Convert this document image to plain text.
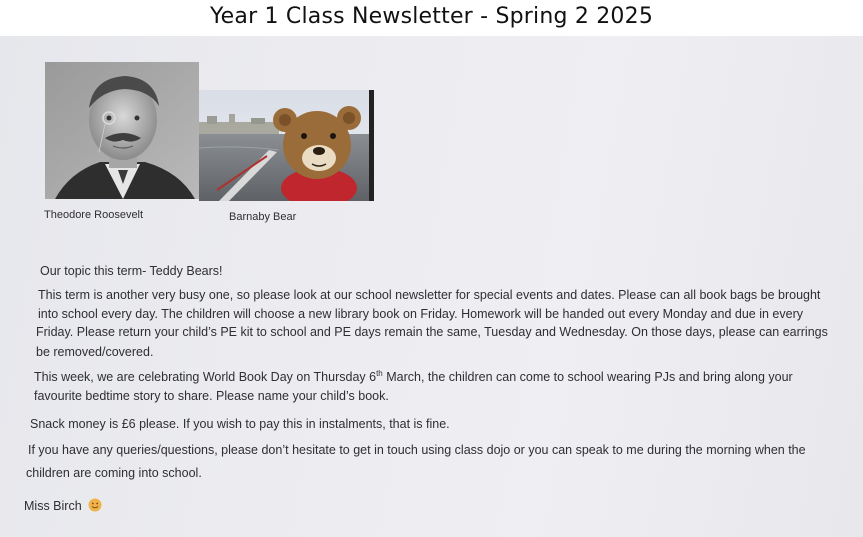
Year 1 Class Newsletter - Spring 2 2025
Theodore Roosevelt	Barnaby Bear
Our topic this term- Teddy Bears!
This term is another very busy one, so please look at our school newsletter for special events and dates. Please can all book bags be brought
into school every day. The children will choose a new library book on Friday. Homework will be handed out every Monday and due in every
Friday. Please return your child’s PE kit to school and PE days remain the same, Tuesday and Wednesday. On those days, please can earrings
be removed/covered.
This week, we are celebrating World Book Day on Thursday 6th March, the children can come to school wearing PJs and bring along your
favourite bedtime story to share. Please name your child’s book.
Snack money is £6 please. If you wish to pay this in instalments, that is fine.
If you have any queries/questions, please don’t hesitate to get in touch using class dojo or you can speak to me during the morning when the
children are coming into school.
Miss Birch
